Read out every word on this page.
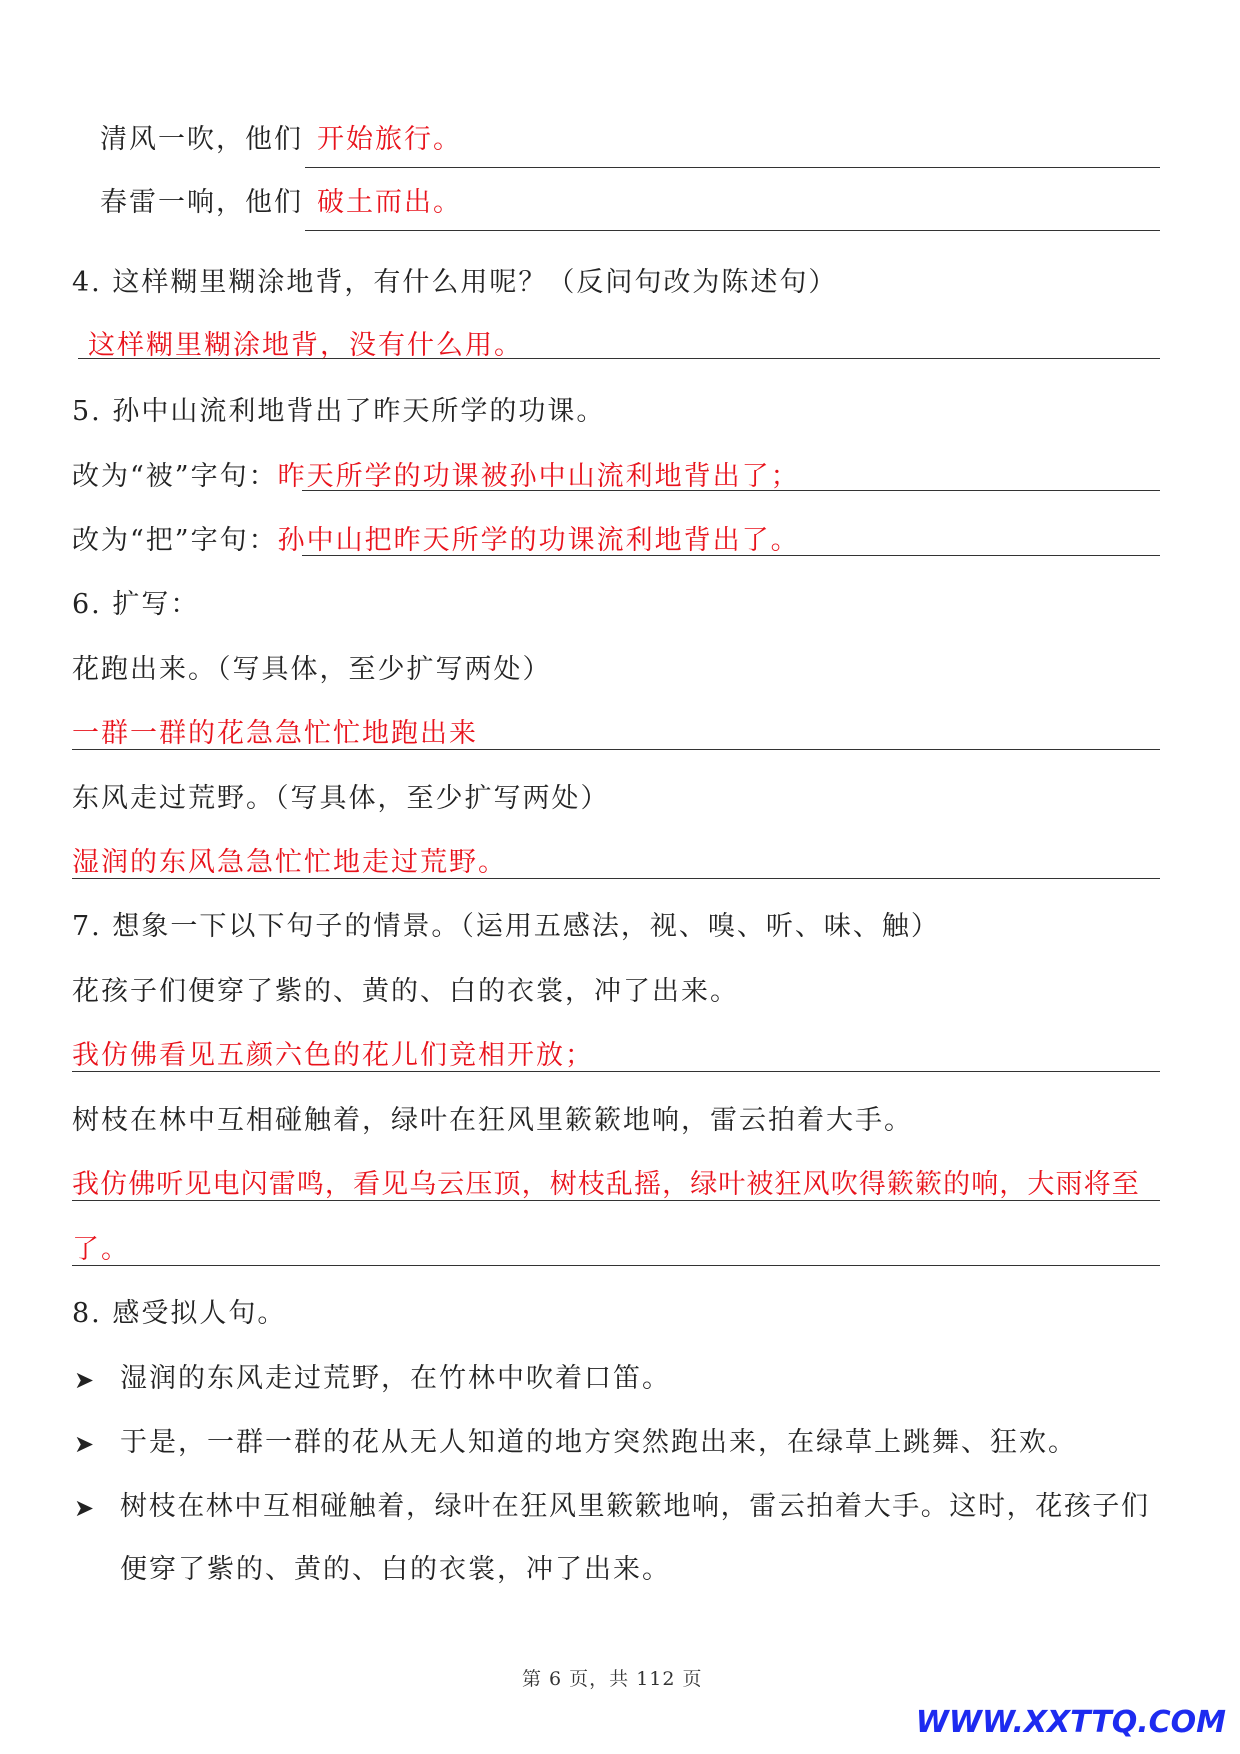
清风一吹，他们 开始旅行。
春雷一响，他们 破土而出。
4. 这样糊里糊涂地背，有什么用呢？（反问句改为陈述句）
这样糊里糊涂地背，没有什么用。
5. 孙中山流利地背出了昨天所学的功课。
改为“被”字句：昨天所学的功课被孙中山流利地背出了；
改为“把”字句：孙中山把昨天所学的功课流利地背出了。
6. 扩写：
花跑出来。（写具体，至少扩写两处）
一群一群的花急急忙忙地跑出来
东风走过荒野。（写具体，至少扩写两处）
湿润的东风急急忙忙地走过荒野。
7. 想象一下以下句子的情景。（运用五感法，视、嗅、听、味、触）
花孩子们便穿了紫的、黄的、白的衣裳，冲了出来。
我仿佛看见五颜六色的花儿们竞相开放；
树枝在林中互相碰触着，绿叶在狂风里簌簌地响，雷云拍着大手。
我仿佛听见电闪雷鸣，看见乌云压顶，树枝乱摇，绿叶被狂风吹得簌簌的响，大雨将至
了。
8. 感受拟人句。
➤ 湿润的东风走过荒野，在竹林中吹着口笛。
➤ 于是，一群一群的花从无人知道的地方突然跑出来，在绿草上跳舞、狂欢。
➤ 树枝在林中互相碰触着，绿叶在狂风里簌簌地响，雷云拍着大手。这时，花孩子们
便穿了紫的、黄的、白的衣裳，冲了出来。
第 6 页，共 112 页
WWW.XXTTQ.COM
